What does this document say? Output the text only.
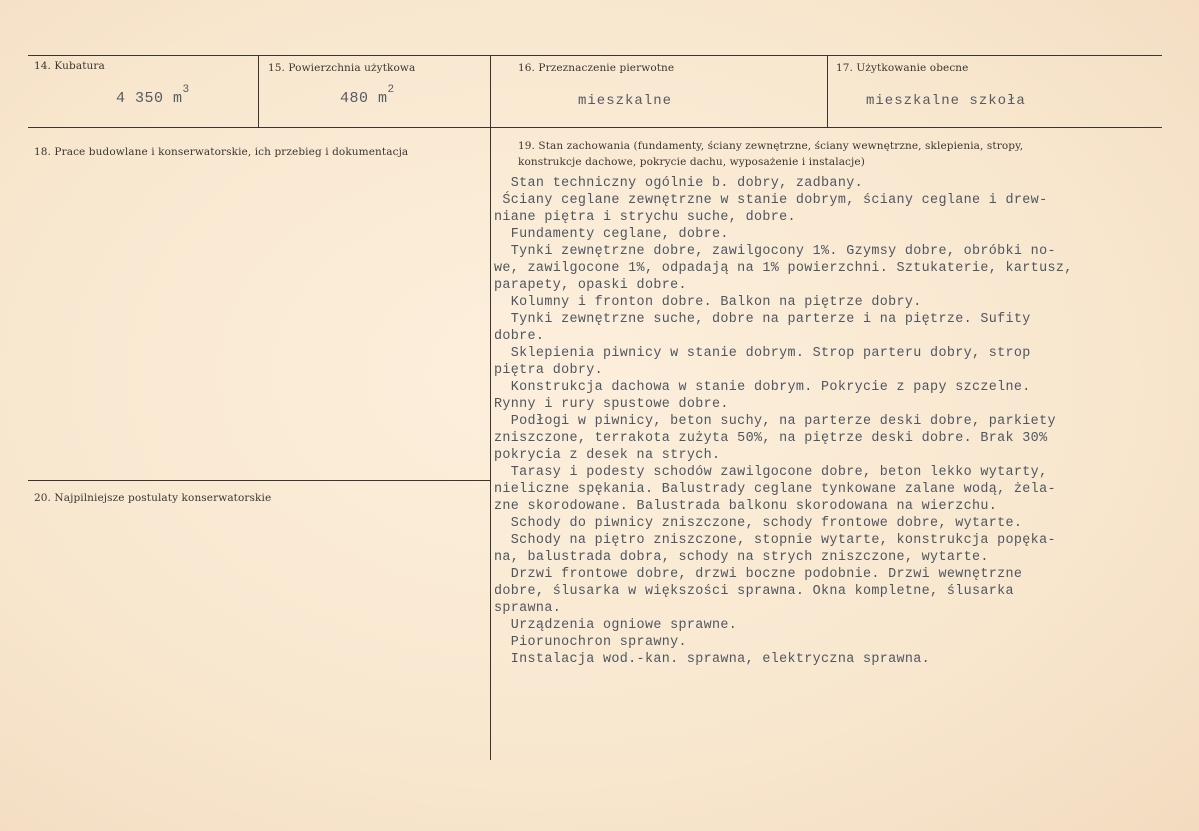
14. Kubatura
4 350 $m^3$
15. Powierzchnia użytkowa
480 $m^2$
16. Przeznaczenie pierwotne
mieszkalne
17. Użytkowanie obecne
mieszkalne szkoła
18. Prace budowlane i konserwatorskie, ich przebieg i dokumentacja	19. Stan zachowania (fundamenty, ściany zewnętrzne, ściany wewnętrzne, sklepienia, stropy,
konstrukcje dachowe, pokrycie dachu, wyposażenie i instalacje)
Stan techniczny ogólnie b. dobry, zadbany.
Ściany ceglane zewnętrzne w stanie dobrym, ściany ceglane i drew-
niane piętra i strychu suche, dobre.
Fundamenty ceglane, dobre.
Tynki zewnętrzne dobre, zawilgocony 1%. Gzymsy dobre, obróbki no-
we, zawilgocone 1%, odpadają na 1% powierzchni. Sztukaterie, kartusz,
parapety, opaski dobre.
Kolumny i fronton dobre. Balkon na piętrze dobry.
Tynki zewnętrzne suche, dobre na parterze i na piętrze. Sufity
dobre.
Sklepienia piwnicy w stanie dobrym. Strop parteru dobry, strop
piętra dobry.
Konstrukcja dachowa w stanie dobrym. Pokrycie z papy szczelne.
Rynny i rury spustowe dobre.
Podłogi w piwnicy, beton suchy, na parterze deski dobre, parkiety
zniszczone, terrakota zużyta 50%, na piętrze deski dobre. Brak 30%
pokrycia z desek na strych.
Tarasy i podesty schodów zawilgocone dobre, beton lekko wytarty,
nieliczne spękania. Balustrady ceglane tynkowane zalane wodą, żela-
zne skorodowane. Balustrada balkonu skorodowana na wierzchu.
Schody do piwnicy zniszczone, schody frontowe dobre, wytarte.
Schody na piętro zniszczone, stopnie wytarte, konstrukcja popęka-
na, balustrada dobra, schody na strych zniszczone, wytarte.
Drzwi frontowe dobre, drzwi boczne podobnie. Drzwi wewnętrzne
dobre, ślusarka w większości sprawna. Okna kompletne, ślusarka
sprawna.
Urządzenia ogniowe sprawne.
Piorunochron sprawny.
Instalacja wod.-kan. sprawna, elektryczna sprawna.
20. Najpilniejsze postulaty konserwatorskie
